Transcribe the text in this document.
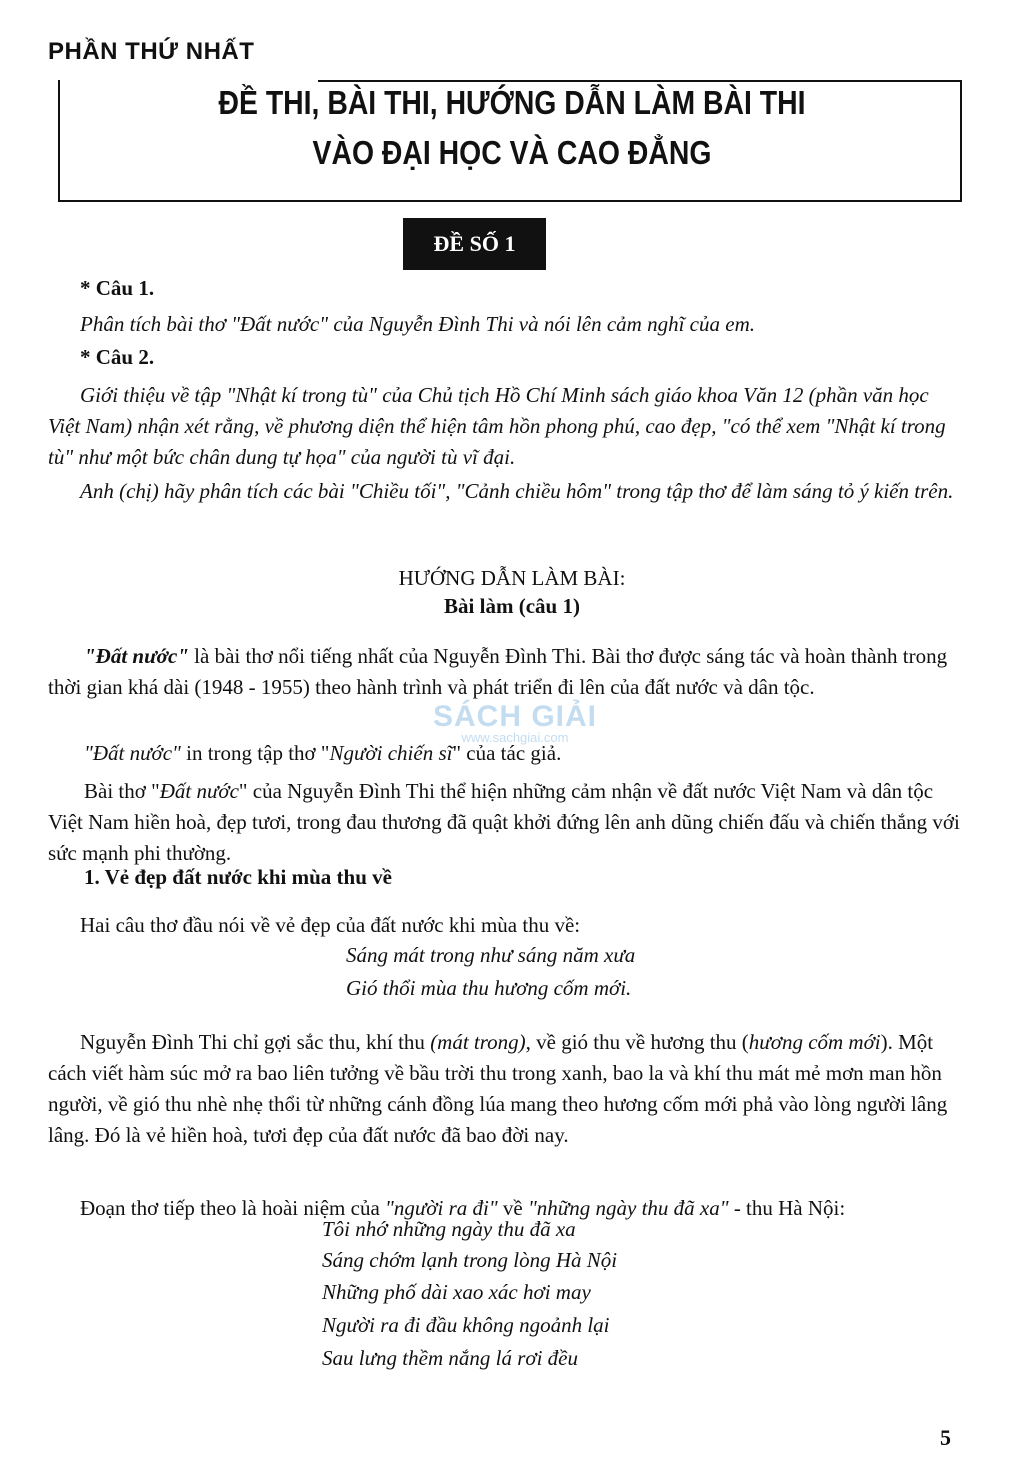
PHẦN THỨ NHẤT
ĐỀ THI, BÀI THI, HƯỚNG DẪN LÀM BÀI THI
VÀO ĐẠI HỌC VÀ CAO ĐẲNG
ĐỀ SỐ 1
* Câu 1.
Phân tích bài thơ "Đất nước" của Nguyễn Đình Thi và nói lên cảm nghĩ của em.
* Câu 2.
Giới thiệu về tập "Nhật kí trong tù" của Chủ tịch Hồ Chí Minh sách giáo khoa Văn 12 (phần văn học Việt Nam) nhận xét rằng, về phương diện thể hiện tâm hồn phong phú, cao đẹp, "có thể xem "Nhật kí trong tù" như một bức chân dung tự họa" của người tù vĩ đại.
Anh (chị) hãy phân tích các bài "Chiều tối", "Cảnh chiều hôm" trong tập thơ để làm sáng tỏ ý kiến trên.
HƯỚNG DẪN LÀM BÀI:
Bài làm (câu 1)
SÁCH GIẢI
www.sachgiai.com
"Đất nước" là bài thơ nổi tiếng nhất của Nguyễn Đình Thi. Bài thơ được sáng tác và hoàn thành trong thời gian khá dài (1948 - 1955) theo hành trình và phát triển đi lên của đất nước và dân tộc.
"Đất nước" in trong tập thơ "Người chiến sĩ" của tác giả.
Bài thơ "Đất nước" của Nguyễn Đình Thi thể hiện những cảm nhận về đất nước Việt Nam và dân tộc Việt Nam hiền hoà, đẹp tươi, trong đau thương đã quật khởi đứng lên anh dũng chiến đấu và chiến thắng với sức mạnh phi thường.
1. Vẻ đẹp đất nước khi mùa thu về
Hai câu thơ đầu nói về vẻ đẹp của đất nước khi mùa thu về:
Sáng mát trong như sáng năm xưa
Gió thổi mùa thu hương cốm mới.
Nguyễn Đình Thi chỉ gợi sắc thu, khí thu (mát trong), về gió thu về hương thu (hương cốm mới). Một cách viết hàm súc mở ra bao liên tưởng về bầu trời thu trong xanh, bao la và khí thu mát mẻ mơn man hồn người, về gió thu nhè nhẹ thổi từ những cánh đồng lúa mang theo hương cốm mới phả vào lòng người lâng lâng. Đó là vẻ hiền hoà, tươi đẹp của đất nước đã bao đời nay.
Đoạn thơ tiếp theo là hoài niệm của "người ra đi" về "những ngày thu đã xa" - thu Hà Nội:
Tôi nhớ những ngày thu đã xa
Sáng chớm lạnh trong lòng Hà Nội
Những phố dài xao xác hơi may
Người ra đi đầu không ngoảnh lại
Sau lưng thềm nắng lá rơi đều
5
